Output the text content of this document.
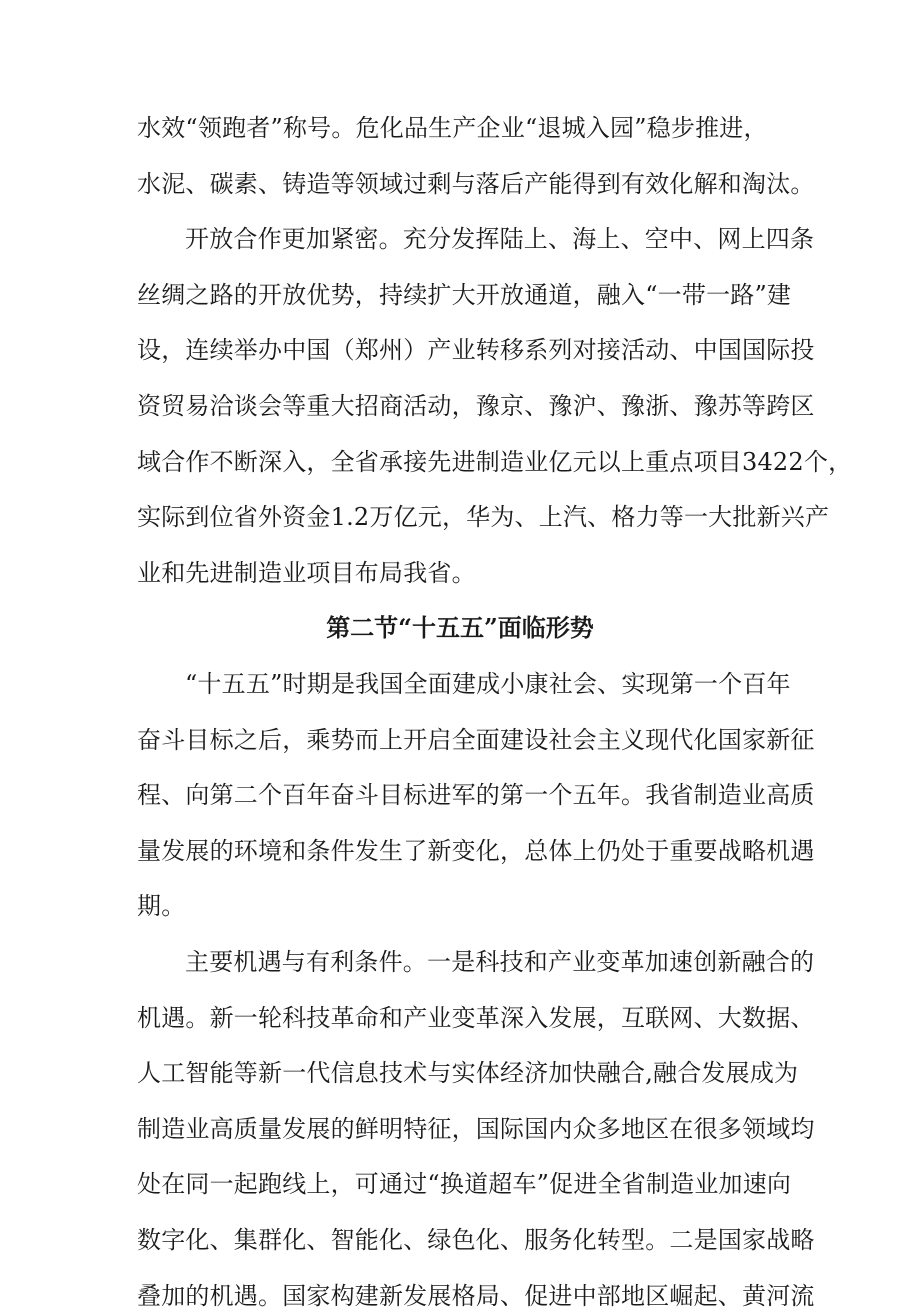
水效“领跑者”称号。危化品生产企业“退城入园”稳步推进，
水泥、碳素、铸造等领域过剩与落后产能得到有效化解和淘汰。
开放合作更加紧密。充分发挥陆上、海上、空中、网上四条
丝绸之路的开放优势，持续扩大开放通道，融入“一带一路”建
设，连续举办中国（郑州）产业转移系列对接活动、中国国际投
资贸易洽谈会等重大招商活动，豫京、豫沪、豫浙、豫苏等跨区
域合作不断深入，全省承接先进制造业亿元以上重点项目3422个，
实际到位省外资金1.2万亿元，华为、上汽、格力等一大批新兴产
业和先进制造业项目布局我省。
第二节“十五五”面临形势
“十五五”时期是我国全面建成小康社会、实现第一个百年
奋斗目标之后，乘势而上开启全面建设社会主义现代化国家新征
程、向第二个百年奋斗目标进军的第一个五年。我省制造业高质
量发展的环境和条件发生了新变化，总体上仍处于重要战略机遇
期。
主要机遇与有利条件。一是科技和产业变革加速创新融合的
机遇。新一轮科技革命和产业变革深入发展，互联网、大数据、
人工智能等新一代信息技术与实体经济加快融合,融合发展成为
制造业高质量发展的鲜明特征，国际国内众多地区在很多领域均
处在同一起跑线上，可通过“换道超车”促进全省制造业加速向
数字化、集群化、智能化、绿色化、服务化转型。二是国家战略
叠加的机遇。国家构建新发展格局、促进中部地区崛起、黄河流
